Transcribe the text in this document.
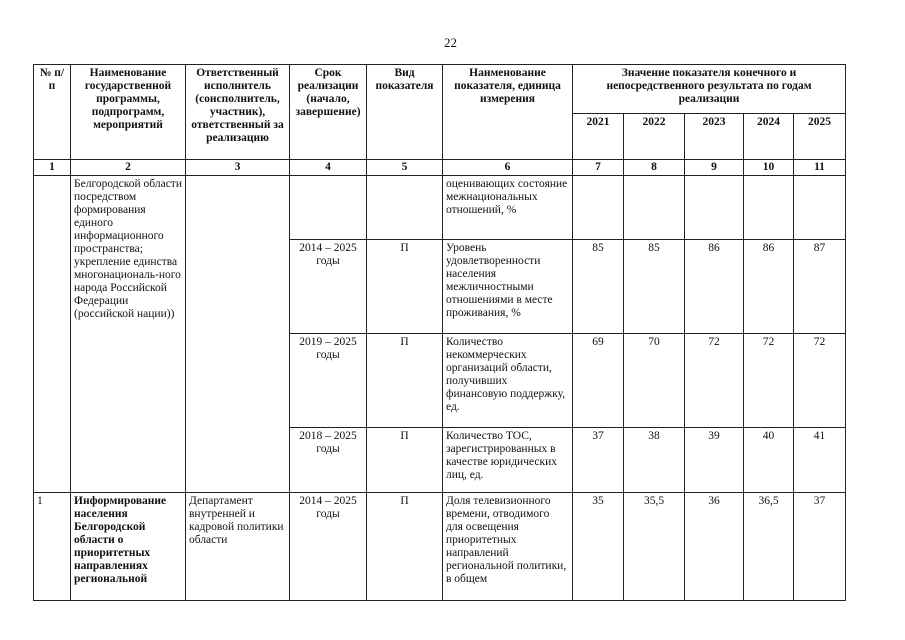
22
№ п/п	Наименование государственной программы, подпрограмм, мероприятий	Ответственный исполнитель (соисполнитель, участник), ответственный за реализацию	Срок реализации (начало, завершение)	Вид показателя	Наименование показателя, единица измерения	Значение показателя конечного и непосредственного результата по годам реализации				
						2021	2022	2023	2024	2025
1	2	3	4	5	6	7	8	9	10	11
	Белгородской области посредством формирования единого информационного пространства; укрепление единства многонациональ-ного народа Российской Федерации (российской нации))				оценивающих состояние межнациональных отношений, %					
			2014 – 2025 годы	П	Уровень удовлетворенности населения межличностными отношениями в месте проживания, %	85	85	86	86	87
			2019 – 2025 годы	П	Количество некоммерческих организаций области, получивших финансовую поддержку, ед.	69	70	72	72	72
			2018 – 2025 годы	П	Количество ТОС, зарегистрированных в качестве юридических лиц, ед.	37	38	39	40	41
1	Информирование населения Белгородской области о приоритетных направлениях региональной	Департамент внутренней и кадровой политики области	2014 – 2025 годы	П	Доля телевизионного времени, отводимого для освещения приоритетных направлений региональной политики, в общем	35	35,5	36	36,5	37
